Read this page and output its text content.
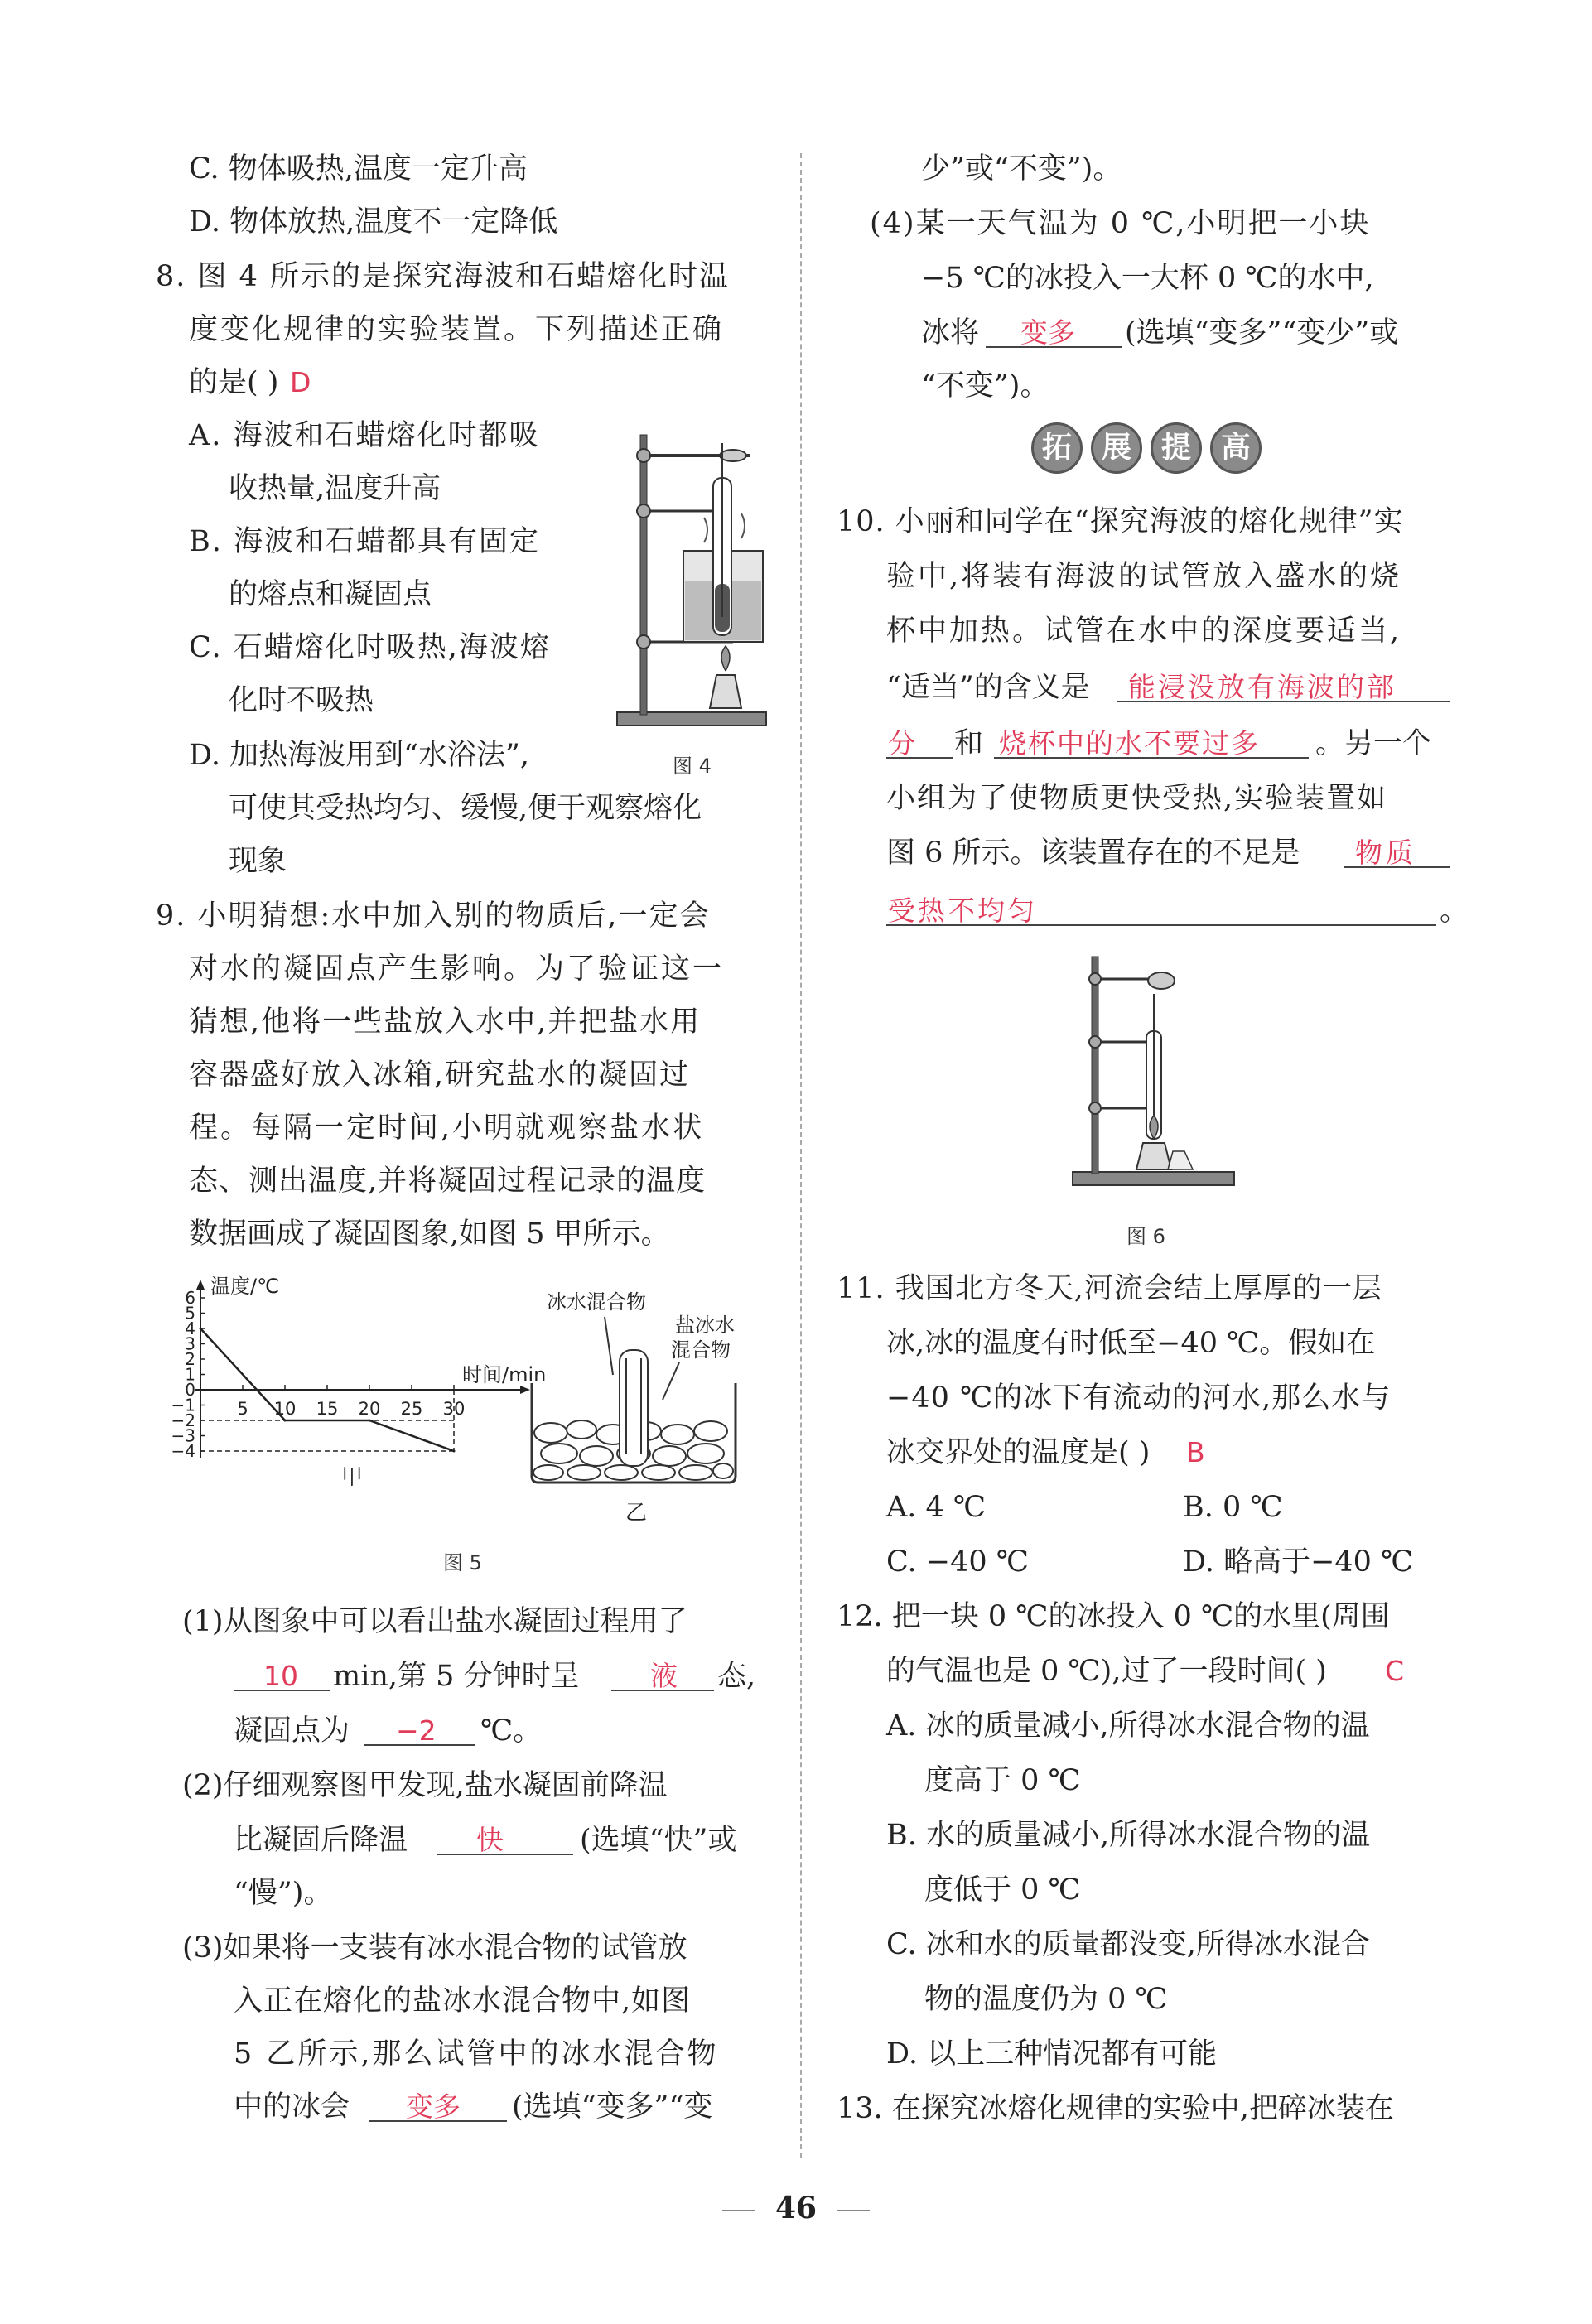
C. 物体吸热,温度一定升高
D. 物体放热,温度不一定降低
8. 图 4 所示的是探究海波和石蜡熔化时温
度变化规律的实验装置。下列描述正确
的是( ) D
A. 海波和石蜡熔化时都吸
收热量,温度升高
B. 海波和石蜡都具有固定
的熔点和凝固点
C. 石蜡熔化时吸热,海波熔
化时不吸热
D. 加热海波用到“水浴法”,
可使其受热均匀、缓慢,便于观察熔化
现象
图 4
9. 小明猜想:水中加入别的物质后,一定会
对水的凝固点产生影响。为了验证这一
猜想,他将一些盐放入水中,并把盐水用
容器盛好放入冰箱,研究盐水的凝固过
程。每隔一定时间,小明就观察盐水状
态、测出温度,并将凝固过程记录的温度
数据画成了凝固图象,如图 5 甲所示。
温度/℃
时间/min
6
5
4
3
2
1
0
−1
−2
−3
−4
5 10 15 20 25 30
甲
冰水混合物
盐冰水
混合物
乙
图 5
(1)从图象中可以看出盐水凝固过程用了
10 min,第 5 分钟时呈	液 态,
凝固点为 −2 ℃。
(2)仔细观察图甲发现,盐水凝固前降温
比凝固后降温	快	(选填“快”或
“慢”)。
(3)如果将一支装有冰水混合物的试管放
入正在熔化的盐冰水混合物中,如图
5 乙所示,那么试管中的冰水混合物
中的冰会 变多 (选填“变多”“变
少”或“不变”)。
(4)某一天气温为 0 ℃,小明把一小块
−5 ℃的冰投入一大杯 0 ℃的水中,
冰将 变多 (选填“变多”“变少”或
“不变”)。
拓 展 提 高
10. 小丽和同学在“探究海波的熔化规律”实
验中,将装有海波的试管放入盛水的烧
杯中加热。试管在水中的深度要适当,
“适当”的含义是 能浸没放有海波的部
分 和 烧杯中的水不要过多 。另一个
小组为了使物质更快受热,实验装置如
图 6 所示。该装置存在的不足是 物质
受热不均匀	。
图 6
11. 我国北方冬天,河流会结上厚厚的一层
冰,冰的温度有时低至−40 ℃。假如在
−40 ℃的冰下有流动的河水,那么水与
冰交界处的温度是( ) B
A. 4 ℃	B. 0 ℃
C. −40 ℃	D. 略高于−40 ℃
12. 把一块 0 ℃的冰投入 0 ℃的水里(周围
的气温也是 0 ℃),过了一段时间( ) C
A. 冰的质量减小,所得冰水混合物的温
度高于 0 ℃
B. 水的质量减小,所得冰水混合物的温
度低于 0 ℃
C. 冰和水的质量都没变,所得冰水混合
物的温度仍为 0 ℃
D. 以上三种情况都有可能
13. 在探究冰熔化规律的实验中,把碎冰装在
46
